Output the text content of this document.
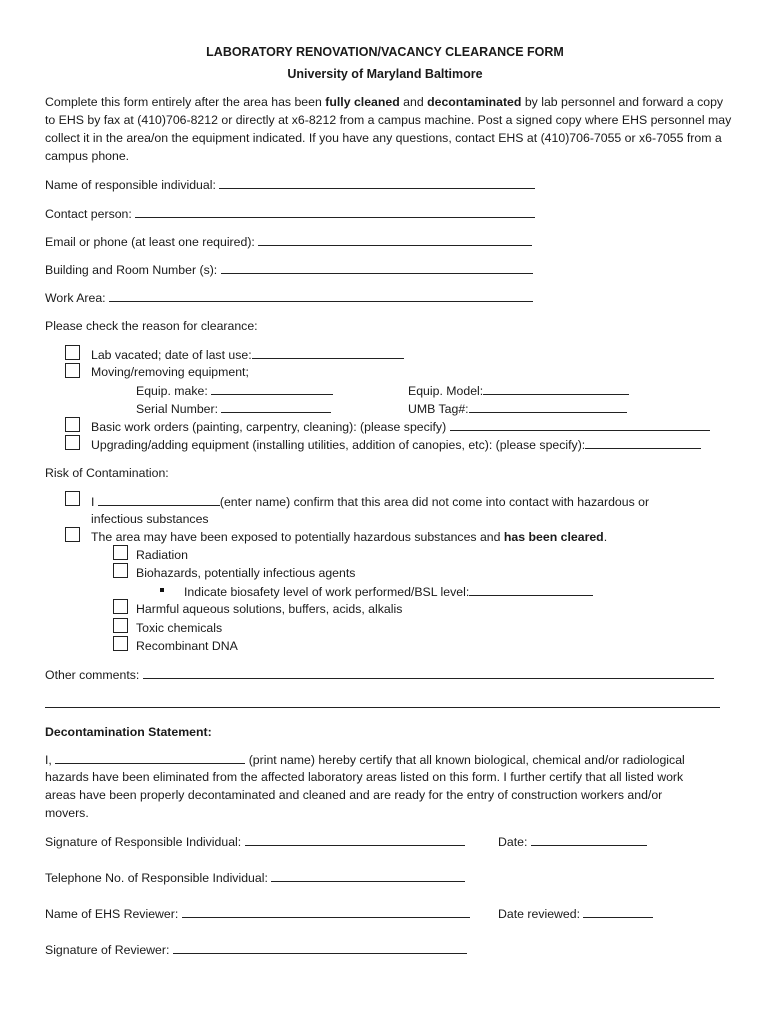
LABORATORY RENOVATION/VACANCY CLEARANCE FORM
University of Maryland Baltimore

Complete this form entirely after the area has been fully cleaned and decontaminated by lab personnel and forward a copy to EHS by fax at (410)706-8212 or directly at x6-8212 from a campus machine. Post a signed copy where EHS personnel may collect it in the area/on the equipment indicated. If you have any questions, contact EHS at (410)706-7055 or x6-7055 from a campus phone.

Name of responsible individual:
Contact person:
Email or phone (at least one required):
Building and Room Number (s):
Work Area:
Please check the reason for clearance:
Lab vacated; date of last use:
Moving/removing equipment;
Equip. make:	Equip. Model:
Serial Number:	UMB Tag#:
Basic work orders (painting, carpentry, cleaning): (please specify)
Upgrading/adding equipment (installing utilities, addition of canopies, etc): (please specify):
Risk of Contamination:
I	(enter name) confirm that this area did not come into contact with hazardous or
infectious substances
The area may have been exposed to potentially hazardous substances and has been cleared.
Radiation
Biohazards, potentially infectious agents
Indicate biosafety level of work performed/BSL level:
Harmful aqueous solutions, buffers, acids, alkalis
Toxic chemicals
Recombinant DNA
Other comments:
Decontamination Statement:
I,	(print name) hereby certify that all known biological, chemical and/or radiological
hazards have been eliminated from the affected laboratory areas listed on this form. I further certify that all listed work
areas have been properly decontaminated and cleaned and are ready for the entry of construction workers and/or
movers.
Signature of Responsible Individual:	Date:
Telephone No. of Responsible Individual:
Name of EHS Reviewer:	Date reviewed:
Signature of Reviewer:
